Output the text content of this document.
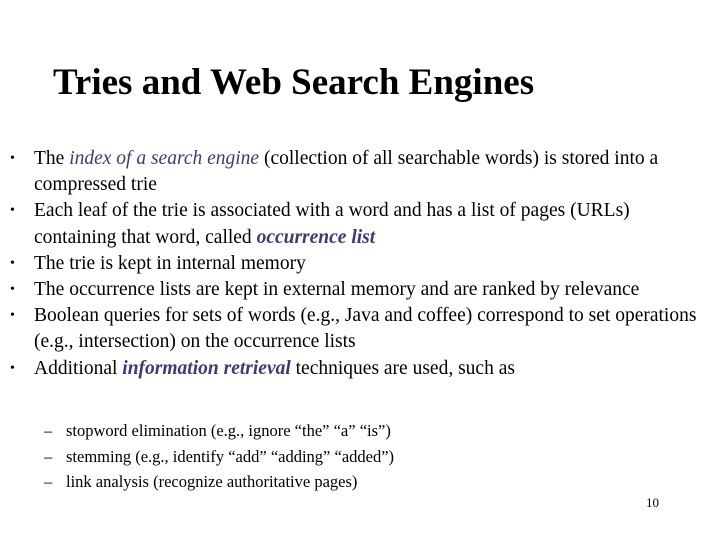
Tries and Web Search Engines
• The index of a search engine (collection of all searchable words) is stored into a compressed trie
• Each leaf of the trie is associated with a word and has a list of pages (URLs) containing that word, called occurrence list
• The trie is kept in internal memory
• The occurrence lists are kept in external memory and are ranked by relevance
• Boolean queries for sets of words (e.g., Java and coffee) correspond to set operations (e.g., intersection) on the occurrence lists
• Additional information retrieval techniques are used, such as
– stopword elimination (e.g., ignore “the” “a” “is”)
– stemming (e.g., identify “add” “adding” “added”)
– link analysis (recognize authoritative pages)
10
